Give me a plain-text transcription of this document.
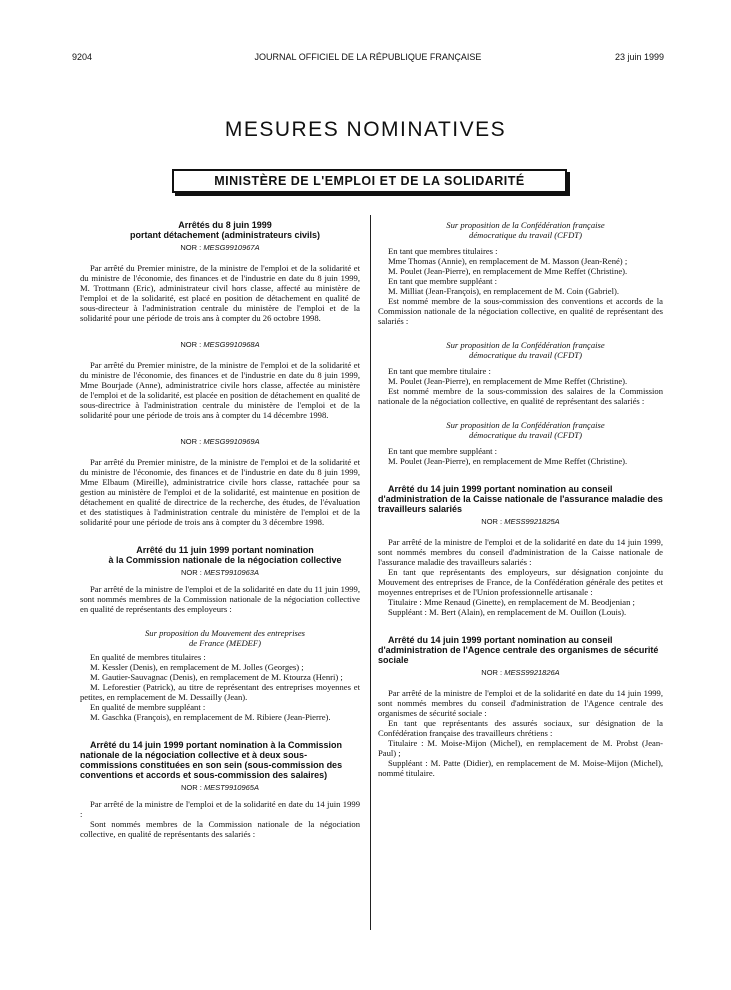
9204	JOURNAL OFFICIEL DE LA RÉPUBLIQUE FRANÇAISE	23 juin 1999
MESURES NOMINATIVES
MINISTÈRE DE L'EMPLOI ET DE LA SOLIDARITÉ

Arrêtés du 8 juin 1999

portant détachement (administrateurs civils)

NOR : MESG9910967A

Par arrêté du Premier ministre, de la ministre de l'emploi et de la solidarité et du ministre de l'économie, des finances et de l'industrie en date du 8 juin 1999, M. Trottmann (Eric), administrateur civil hors classe, affecté au ministère de l'emploi et de la solidarité, est placé en position de détachement en qualité de sous-directeur à l'administration centrale du ministère de l'emploi et de la solidarité pour une période de trois ans à compter du 26 octobre 1998.

NOR : MESG9910968A

Par arrêté du Premier ministre, de la ministre de l'emploi et de la solidarité et du ministre de l'économie, des finances et de l'industrie en date du 8 juin 1999, Mme Bourjade (Anne), administratrice civile hors classe, affectée au ministère de l'emploi et de la solidarité, est placée en position de détachement en qualité de sous-directrice à l'administration centrale du ministère de l'emploi et de la solidarité pour une période de trois ans à compter du 14 décembre 1998.

NOR : MESG9910969A

Par arrêté du Premier ministre, de la ministre de l'emploi et de la solidarité et du ministre de l'économie, des finances et de l'industrie en date du 8 juin 1999, Mme Elbaum (Mireille), administratrice civile hors classe, rattachée pour sa gestion au ministère de l'emploi et de la solidarité, est maintenue en position de détachement en qualité de directrice de la recherche, des études, de l'évaluation et des statistiques à l'administration centrale du ministère de l'emploi et de la solidarité pour une période de trois ans à compter du 3 décembre 1998.

Arrêté du 11 juin 1999 portant nomination

à la Commission nationale de la négociation collective

NOR : MEST9910963A

Par arrêté de la ministre de l'emploi et de la solidarité en date du 11 juin 1999, sont nommés membres de la Commission nationale de la négociation collective en qualité de représentants des employeurs :

Sur proposition du Mouvement des entreprises

de France (MEDEF)

En qualité de membres titulaires :

M. Kessler (Denis), en remplacement de M. Jolles (Georges) ;

M. Gautier-Sauvagnac (Denis), en remplacement de M. Ktourza (Henri) ;

M. Leforestier (Patrick), au titre de représentant des entreprises moyennes et petites, en remplacement de M. Dessailly (Jean).

En qualité de membre suppléant :

M. Gaschka (François), en remplacement de M. Ribiere (Jean-Pierre).

Arrêté du 14 juin 1999 portant nomination à la Commission nationale de la négociation collective et à deux sous-commissions constituées en son sein (sous-commission des conventions et accords et sous-commission des salaires)

NOR : MEST9910965A

Par arrêté de la ministre de l'emploi et de la solidarité en date du 14 juin 1999 :

Sont nommés membres de la Commission nationale de la négociation collective, en qualité de représentants des salariés :

Sur proposition de la Confédération française

démocratique du travail (CFDT)

En tant que membres titulaires :

Mme Thomas (Annie), en remplacement de M. Masson (Jean-René) ;

M. Poulet (Jean-Pierre), en remplacement de Mme Reffet (Christine).

En tant que membre suppléant :

M. Milliat (Jean-François), en remplacement de M. Coin (Gabriel).

Est nommé membre de la sous-commission des conventions et accords de la Commission nationale de la négociation collective, en qualité de représentant des salariés :

Sur proposition de la Confédération française

démocratique du travail (CFDT)

En tant que membre titulaire :

M. Poulet (Jean-Pierre), en remplacement de Mme Reffet (Christine).

Est nommé membre de la sous-commission des salaires de la Commission nationale de la négociation collective, en qualité de représentant des salariés :

Sur proposition de la Confédération française

démocratique du travail (CFDT)

En tant que membre suppléant :

M. Poulet (Jean-Pierre), en remplacement de Mme Reffet (Christine).

Arrêté du 14 juin 1999 portant nomination au conseil d'administration de la Caisse nationale de l'assurance maladie des travailleurs salariés

NOR : MESS9921825A

Par arrêté de la ministre de l'emploi et de la solidarité en date du 14 juin 1999, sont nommés membres du conseil d'administration de la Caisse nationale de l'assurance maladie des travailleurs salariés :

En tant que représentants des employeurs, sur désignation conjointe du Mouvement des entreprises de France, de la Confédération générale des petites et moyennes entreprises et de l'Union professionnelle artisanale :

Titulaire : Mme Renaud (Ginette), en remplacement de M. Beodjenian ;

Suppléant : M. Bert (Alain), en remplacement de M. Ouillon (Louis).

Arrêté du 14 juin 1999 portant nomination au conseil d'administration de l'Agence centrale des organismes de sécurité sociale

NOR : MESS9921826A

Par arrêté de la ministre de l'emploi et de la solidarité en date du 14 juin 1999, sont nommés membres du conseil d'administration de l'Agence centrale des organismes de sécurité sociale :

En tant que représentants des assurés sociaux, sur désignation de la Confédération française des travailleurs chrétiens :

Titulaire : M. Moise-Mijon (Michel), en remplacement de M. Probst (Jean-Paul) ;

Suppléant : M. Patte (Didier), en remplacement de M. Moise-Mijon (Michel), nommé titulaire.
